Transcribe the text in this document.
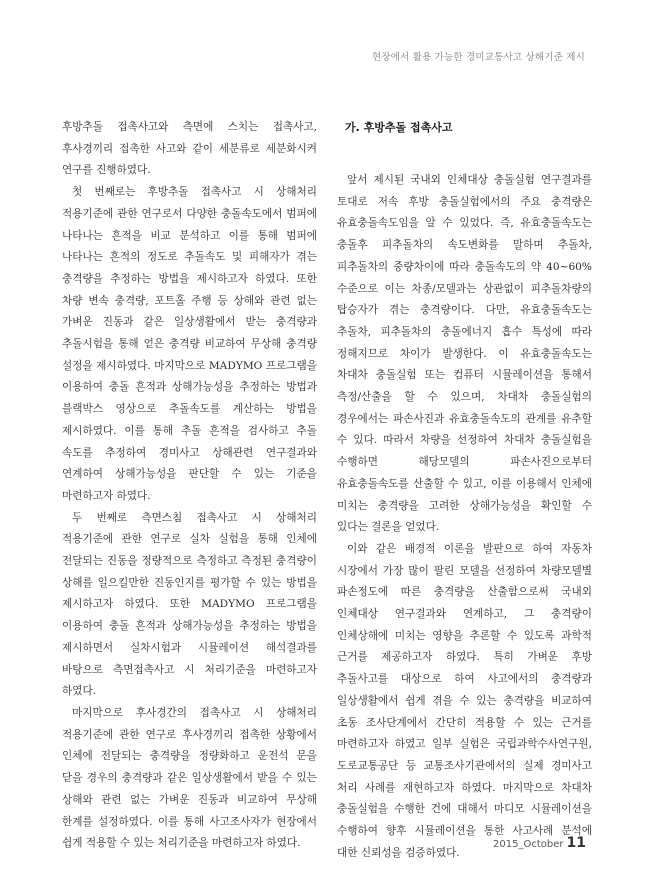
현장에서 활용 가능한 경미교통사고 상해기준 제시

후방추돌 접촉사고와 측면에 스치는 접촉사고, 후사경끼리 접촉한 사고와 같이 세분류로 세분화시켜 연구를 진행하였다.

첫 번째로는 후방추돌 접촉사고 시 상해처리 적용기준에 관한 연구로서 다양한 충돌속도에서 범퍼에 나타나는 흔적을 비교 분석하고 이를 통해 범퍼에 나타나는 흔적의 정도로 추돌속도 및 피해자가 겪는 충격량을 추정하는 방법을 제시하고자 하였다. 또한 차량 변속 충격량, 포트홀 주행 등 상해와 관련 없는 가벼운 진동과 같은 일상생활에서 받는 충격량과 추돌시험을 통해 얻은 충격량 비교하여 무상해 충격량 설정을 제시하였다. 마지막으로 MADYMO 프로그램을 이용하여 충돌 흔적과 상해가능성을 추정하는 방법과 블랙박스 영상으로 추돌속도를 계산하는 방법을 제시하였다. 이를 통해 추돌 흔적을 검사하고 추돌 속도를 추정하여 경미사고 상해관련 연구결과와 연계하여 상해가능성을 판단할 수 있는 기준을 마련하고자 하였다.

두 번째로 측면스침 접촉사고 시 상해처리 적용기준에 관한 연구로 실차 실험을 통해 인체에 전달되는 진동을 정량적으로 측정하고 측정된 충격량이 상해를 일으킬만한 진동인지를 평가할 수 있는 방법을 제시하고자 하였다. 또한 MADYMO 프로그램을 이용하여 충돌 흔적과 상해가능성을 추정하는 방법을 제시하면서 실차시험과 시뮬레이션 해석결과를 바탕으로 측면접촉사고 시 처리기준을 마련하고자 하였다.

마지막으로 후사경간의 접촉사고 시 상해처리 적용기준에 관한 연구로 후사경끼리 접촉한 상황에서 인체에 전달되는 충격량을 정량화하고 운전석 문을 닫을 경우의 충격량과 같은 일상생활에서 받을 수 있는 상해와 관련 없는 가벼운 진동과 비교하여 무상해 한계를 설정하였다. 이를 통해 사고조사자가 현장에서 쉽게 적용할 수 있는 처리기준을 마련하고자 하였다.

가. 후방추돌 접촉사고

앞서 제시된 국내외 인체대상 충돌실험 연구결과를 토대로 저속 후방 충돌실험에서의 주요 충격량은 유효충돌속도임을 알 수 있었다. 즉, 유효충돌속도는 충돌후 피추돌차의 속도변화를 말하며 추돌차, 피추돌차의 중량차이에 따라 충돌속도의 약 40~60% 수준으로 이는 차종/모델과는 상관없이 피추돌차량의 탑승자가 겪는 충격량이다. 다만, 유효충돌속도는 추돌차, 피추돌차의 충돌에너지 흡수 특성에 따라 정해지므로 차이가 발생한다. 이 유효충돌속도는 차대차 충돌실험 또는 컴퓨터 시뮬레이션을 통해서 측정/산출을 할 수 있으며, 차대차 충돌실험의 경우에서는 파손사진과 유효충돌속도의 관계를 유추할 수 있다. 따라서 차량을 선정하여 차대차 충돌실험을 수행하면 해당모델의 파손사진으로부터 유효충돌속도를 산출할 수 있고, 이를 이용해서 인체에 미치는 충격량을 고려한 상해가능성을 확인할 수 있다는 결론을 얻었다.

이와 같은 배경적 이론을 발판으로 하여 자동차 시장에서 가장 많이 팔린 모델을 선정하여 차량모델별 파손정도에 따른 충격량을 산출함으로써 국내외 인체대상 연구결과와 연계하고, 그 충격량이 인체상해에 미치는 영향을 추론할 수 있도록 과학적 근거를 제공하고자 하였다. 특히 가벼운 후방 추돌사고를 대상으로 하여 사고에서의 충격량과 일상생활에서 쉽게 겪을 수 있는 충격량을 비교하여 초동 조사단계에서 간단히 적용할 수 있는 근거를 마련하고자 하였고 일부 실험은 국립과학수사연구원, 도로교통공단 등 교통조사기관에서의 실제 경미사고 처리 사례를 재현하고자 하였다. 마지막으로 차대차 충돌실험을 수행한 건에 대해서 마디모 시뮬레이션을 수행하여 향후 시뮬레이션을 통한 사고사례 분석에 대한 신뢰성을 검증하였다.

2015_October 11
